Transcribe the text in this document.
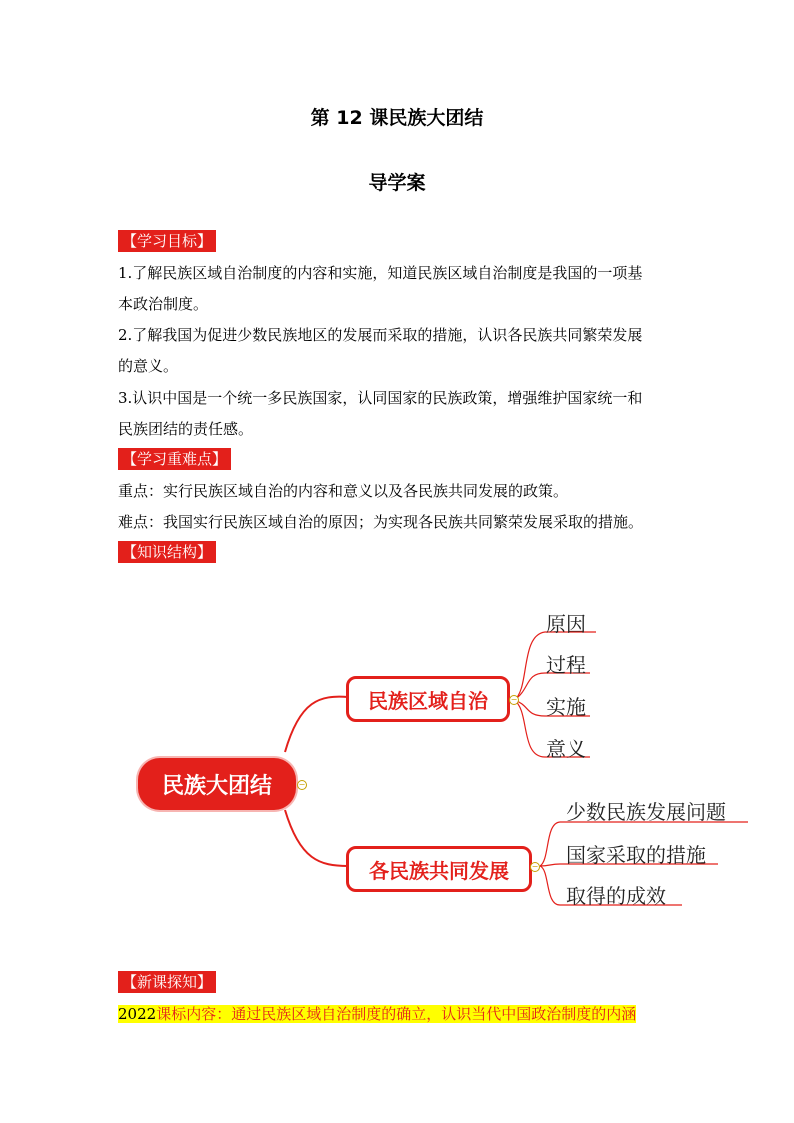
第 12 课民族大团结
导学案
【学习目标】
1.了解民族区域自治制度的内容和实施，知道民族区域自治制度是我国的一项基
本政治制度。
2.了解我国为促进少数民族地区的发展而采取的措施，认识各民族共同繁荣发展
的意义。
3.认识中国是一个统一多民族国家，认同国家的民族政策，增强维护国家统一和
民族团结的责任感。
【学习重难点】
重点：实行民族区域自治的内容和意义以及各民族共同发展的政策。
难点：我国实行民族区域自治的原因；为实现各民族共同繁荣发展采取的措施。
【知识结构】
民族大团结	−
民族区域自治	−
原因
过程
实施
意义
各民族共同发展	−
少数民族发展问题
国家采取的措施
取得的成效
【新课探知】
2022课标内容：通过民族区域自治制度的确立，认识当代中国政治制度的内涵
